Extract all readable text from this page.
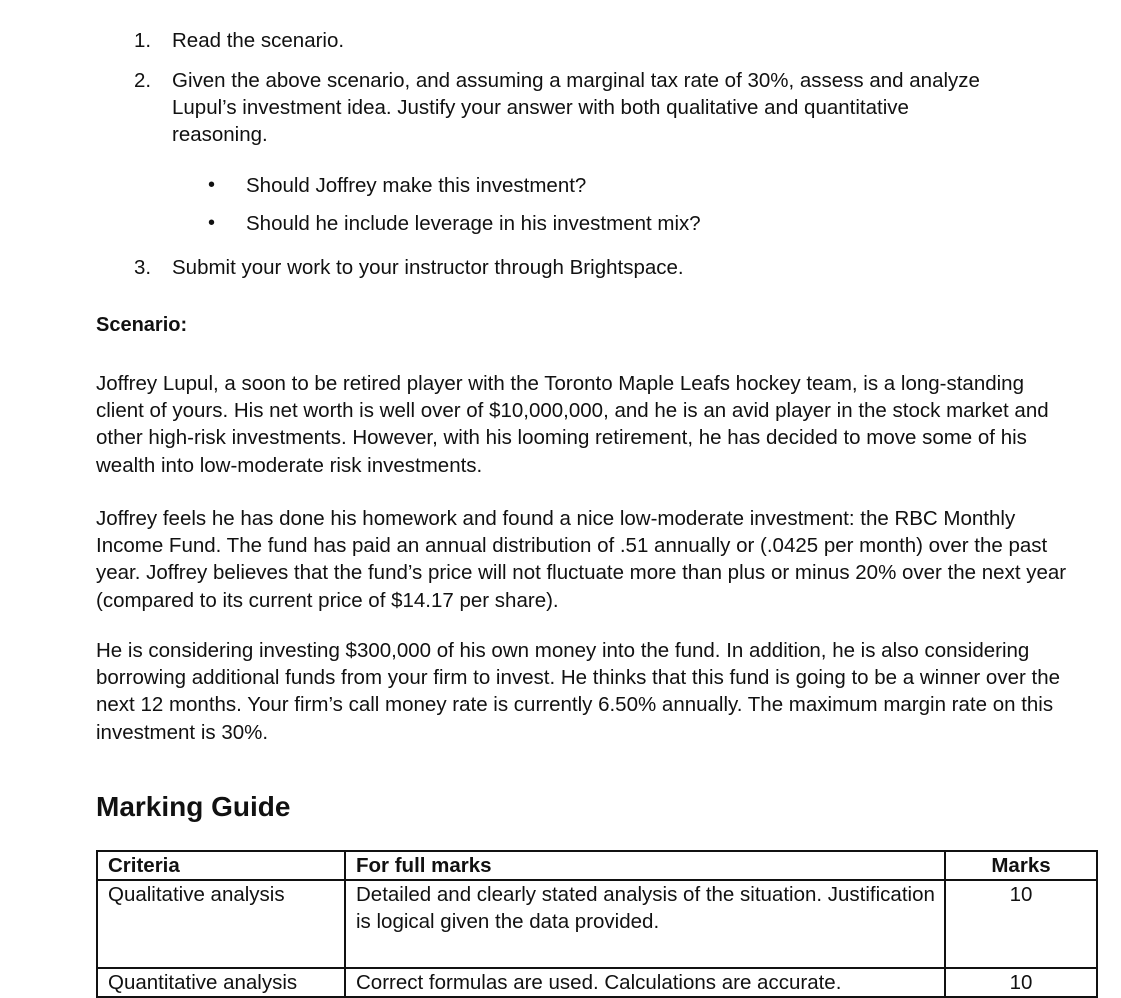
1. Read the scenario.
2. Given the above scenario, and assuming a marginal tax rate of 30%, assess and analyze Lupul’s investment idea. Justify your answer with both qualitative and quantitative reasoning.
• Should Joffrey make this investment?
• Should he include leverage in his investment mix?
3. Submit your work to your instructor through Brightspace.
Scenario:
Joffrey Lupul, a soon to be retired player with the Toronto Maple Leafs hockey team, is a long-standing client of yours. His net worth is well over of $10,000,000, and he is an avid player in the stock market and other high-risk investments. However, with his looming retirement, he has decided to move some of his wealth into low-moderate risk investments.
Joffrey feels he has done his homework and found a nice low-moderate investment: the RBC Monthly Income Fund. The fund has paid an annual distribution of .51 annually or (.0425 per month) over the past year. Joffrey believes that the fund’s price will not fluctuate more than plus or minus 20% over the next year (compared to its current price of $14.17 per share).
He is considering investing $300,000 of his own money into the fund. In addition, he is also considering borrowing additional funds from your firm to invest. He thinks that this fund is going to be a winner over the next 12 months. Your firm’s call money rate is currently 6.50% annually. The maximum margin rate on this investment is 30%.
Marking Guide
Criteria	For full marks	Marks
Qualitative analysis	Detailed and clearly stated analysis of the situation. Justification is logical given the data provided.	10
Quantitative analysis	Correct formulas are used. Calculations are accurate.	10
